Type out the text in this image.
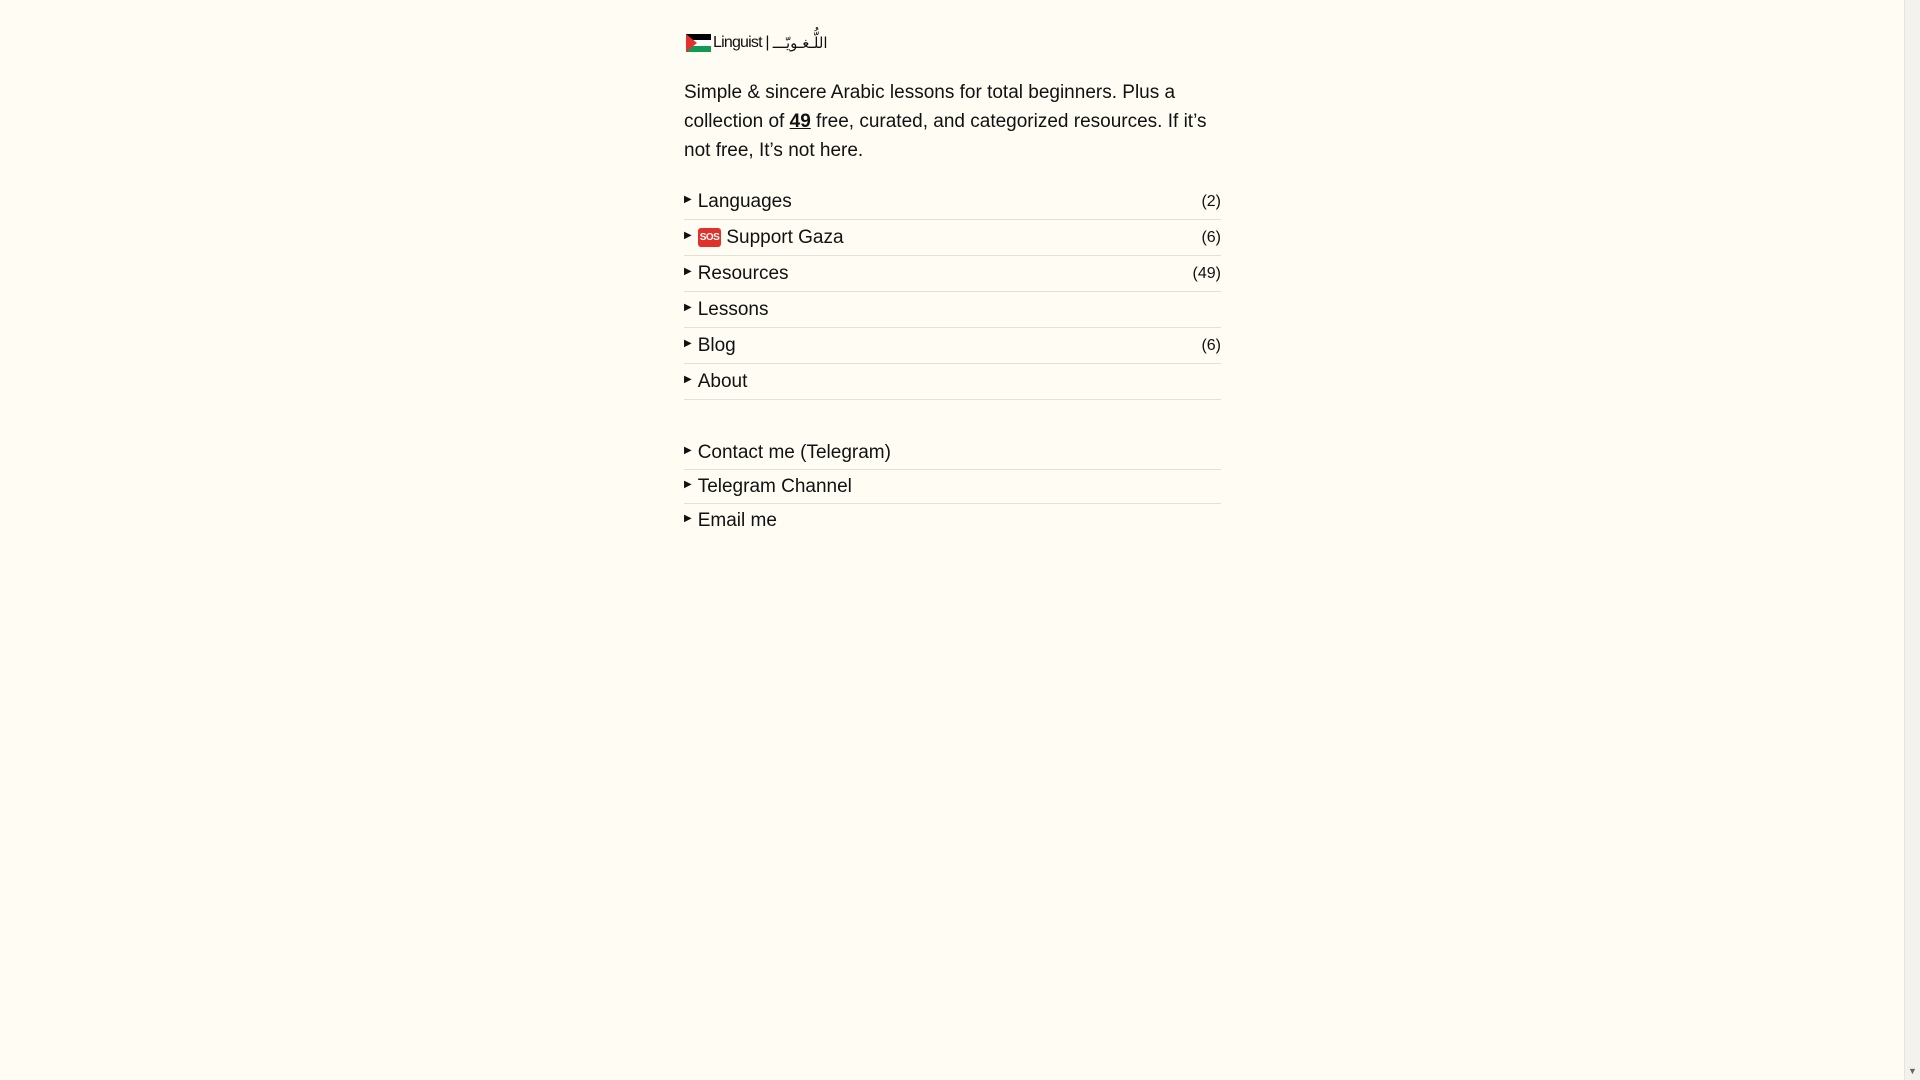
Linguist | اللُّـغـويّـــ

Simple & sincere Arabic lessons for total beginners. Plus a collection of 49 free, curated, and categorized resources. If it’s not free, It’s not here.

▶ Languages	(2)
▶ SOS Support Gaza	(6)
▶ Resources	(49)
▶ Lessons
▶ Blog	(6)
▶ About
▶ Contact me (Telegram)
▶ Telegram Channel
▶ Email me
▼
